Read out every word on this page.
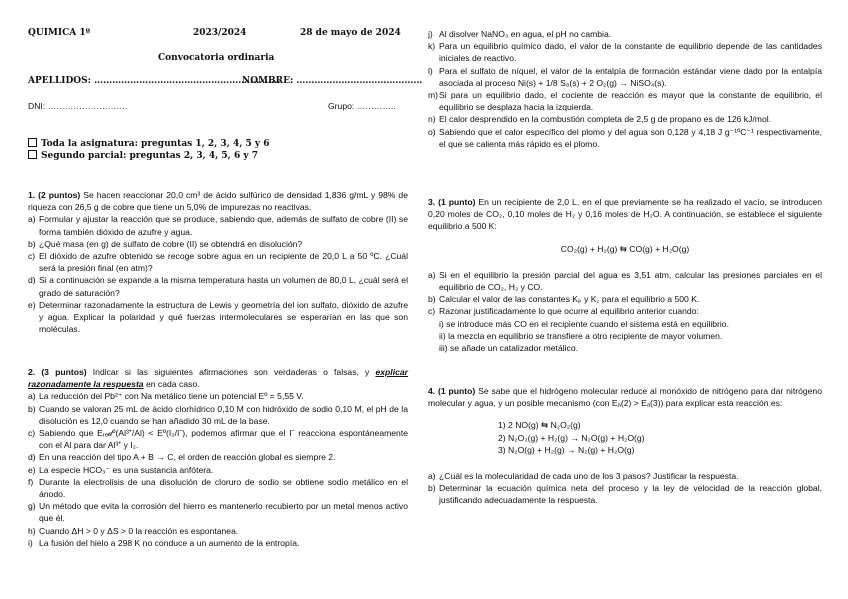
QUIMICA 1º	2023/2024	28 de mayo de 2024
Convocatoria ordinaria
APELLIDOS: ……………………………………………………..
NOMBRE: ……………………………………
DNI: ……………………….	Grupo: …………..
Toda la asignatura: preguntas 1, 2, 3, 4, 5 y 6
Segundo parcial: preguntas 2, 3, 4, 5, 6 y 7
1. (2 puntos) Se hacen reaccionar 20,0 cm³ de ácido sulfúrico de densidad 1,836 g/mL y 98% de riqueza con 26,5 g de cobre que tiene un 5,0% de impurezas no reactivas.
a) Formular y ajustar la reacción que se produce, sabiendo que, además de sulfato de cobre (II) se forma también dióxido de azufre y agua.
b) ¿Qué masa (en g) de sulfato de cobre (II) se obtendrá en disolución?
c) El dióxido de azufre obtenido se recoge sobre agua en un recipiente de 20,0 L a 50 ºC. ¿Cuál será la presión final (en atm)?
d) Si a continuación se expande a la misma temperatura hasta un volumen de 80,0 L, ¿cuál será el grado de saturación?
e) Determinar razonadamente la estructura de Lewis y geometría del ion sulfato, dióxido de azufre y agua. Explicar la polaridad y qué fuerzas intermoleculares se esperarían en las que son moléculas.
2. (3 puntos) Indicar si las siguientes afirmaciones son verdaderas o falsas, y explicar razonadamente la respuesta en cada caso.
a) La reducción del Pb²⁺ con Na metálico tiene un potencial Eº = 5,55 V.
b) Cuando se valoran 25 mL de ácido clorhídrico 0,10 M con hidróxido de sodio 0,10 M, el pH de la disolución es 12,0 cuando se han añadido 30 mL de la base.
c) Sabiendo que Eᵣₑ𝒹º(Al³⁺/Al) < Eº(I₂/I⁻), podemos afirmar que el I⁻ reacciona espontáneamente con el Al para dar Al³⁺ y I₂.
d) En una reacción del tipo A + B → C, el orden de reacción global es siempre 2.
e) La especie HCO₃⁻ es una sustancia anfótera.
f) Durante la electrolisis de una disolución de cloruro de sodio se obtiene sodio metálico en el ánodo.
g) Un método que evita la corrosión del hierro es mantenerlo recubierto por un metal menos activo que él.
h) Cuando ΔH > 0 y ΔS > 0 la reacción es espontanea.
i) La fusión del hielo a 298 K no conduce a un aumento de la entropía.
j) Al disolver NaNO₃ en agua, el pH no cambia.
k) Para un equilibrio químico dado, el valor de la constante de equilibrio depende de las cantidades iniciales de reactivo.
l) Para el sulfato de níquel, el valor de la entalpía de formación estándar viene dado por la entalpía asociada al proceso Ni(s) + 1/8 S₈(s) + 2 O₂(g) → NiSO₄(s).
m) Si para un equilibrio dado, el cociente de reacción es mayor que la constante de equilibrio, el equilibrio se desplaza hacia la izquierda.
n) El calor desprendido en la combustión completa de 2,5 g de propano es de 126 kJ/mol.
o) Sabiendo que el calor específico del plomo y del agua son 0,128 y 4,18 J g⁻¹ºC⁻¹ respectivamente, el que se calienta más rápido es el plomo.
3. (1 punto) En un recipiente de 2,0 L, en el que previamente se ha realizado el vacío, se introducen 0,20 moles de CO₂, 0,10 moles de H₂ y 0,16 moles de H₂O. A continuación, se establece el siguiente equilibrio a 500 K:
CO₂(g) + H₂(g) ⇆ CO(g) + H₂O(g)
a) Si en el equilibrio la presión parcial del agua es 3,51 atm, calcular las presiones parciales en el equilibrio de CO₂, H₂ y CO.
b) Calcular el valor de las constantes Kₚ y K꜀ para el equilibrio a 500 K.
c) Razonar justificadamente lo que ocurre al equilibrio anterior cuando:
i) se introduce más CO en el recipiente cuando el sistema está en equilibrio.
ii) la mezcla en equilibrio se transfiere a otro recipiente de mayor volumen.
iii) se añade un catalizador metálico.
4. (1 punto) Se sabe que el hidrógeno molecular reduce al monóxido de nitrógeno para dar nitrógeno molecular y agua, y un posible mecanismo (con Eₐ(2) > Eₐ(3)) para explicar esta reacción es:
1) 2 NO(g) ⇆ N₂O₂(g)
2) N₂O₂(g) + H₂(g) → N₂O(g) + H₂O(g)
3) N₂O(g) + H₂(g) → N₂(g) + H₂O(g)
a) ¿Cuál es la molecularidad de cada uno de los 3 pasos? Justificar la respuesta.
b) Determinar la ecuación química neta del proceso y la ley de velocidad de la reacción global, justificando adecuadamente la respuesta.
